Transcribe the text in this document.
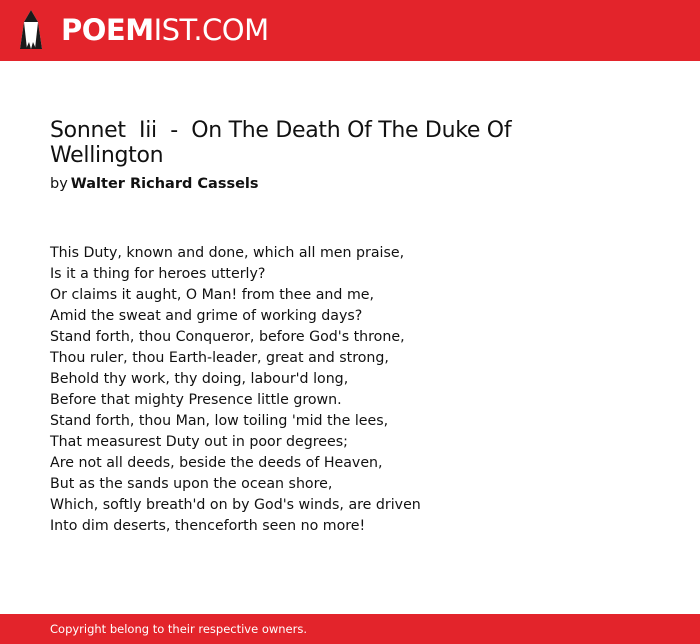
POEMIST.COM
Sonnet  Iii  -  On The Death Of The Duke Of Wellington
by Walter Richard Cassels
This Duty, known and done, which all men praise,
Is it a thing for heroes utterly?
Or claims it aught, O Man! from thee and me,
Amid the sweat and grime of working days?
Stand forth, thou Conqueror, before God's throne,
Thou ruler, thou Earth-leader, great and strong,
Behold thy work, thy doing, labour'd long,
Before that mighty Presence little grown.
Stand forth, thou Man, low toiling 'mid the lees,
That measurest Duty out in poor degrees;
Are not all deeds, beside the deeds of Heaven,
But as the sands upon the ocean shore,
Which, softly breath'd on by God's winds, are driven
Into dim deserts, thenceforth seen no more!
Copyright belong to their respective owners.
